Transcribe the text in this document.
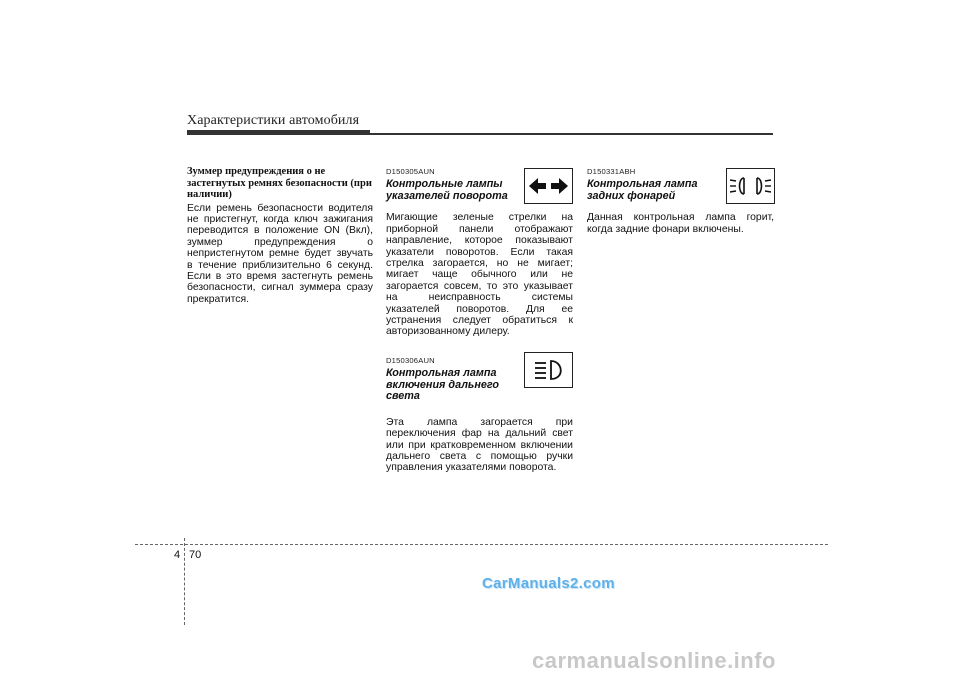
Характеристики автомобиля
Зуммер предупреждения о не застегнутых ремнях безопасности (при наличии)
Если ремень безопасности водителя не пристегнут, когда ключ зажигания переводится в положение ON (Вкл), зуммер предупреждения о непристегнутом ремне будет звучать в течение приблизительно 6 секунд. Если в это время застегнуть ремень безопасности, сигнал зуммера сразу прекратится.
D150305AUN
Контрольные лампы указателей поворота
Мигающие зеленые стрелки на приборной панели отображают направление, которое показывают указатели поворотов. Если такая стрелка загорается, но не мигает; мигает чаще обычного или не загорается совсем, то это указывает на неисправность системы указателей поворотов. Для ее устранения следует обратиться к авторизованному дилеру.
D150306AUN
Контрольная лампа включения дальнего света
Эта лампа загорается при переключения фар на дальний свет или при кратковременном включении дальнего света с помощью ручки управления указателями поворота.
D150331ABH
Контрольная лампа задних фонарей
Данная контрольная лампа горит, когда задние фонари включены.
4 70
CarManuals2.com
carmanualsonline.info
